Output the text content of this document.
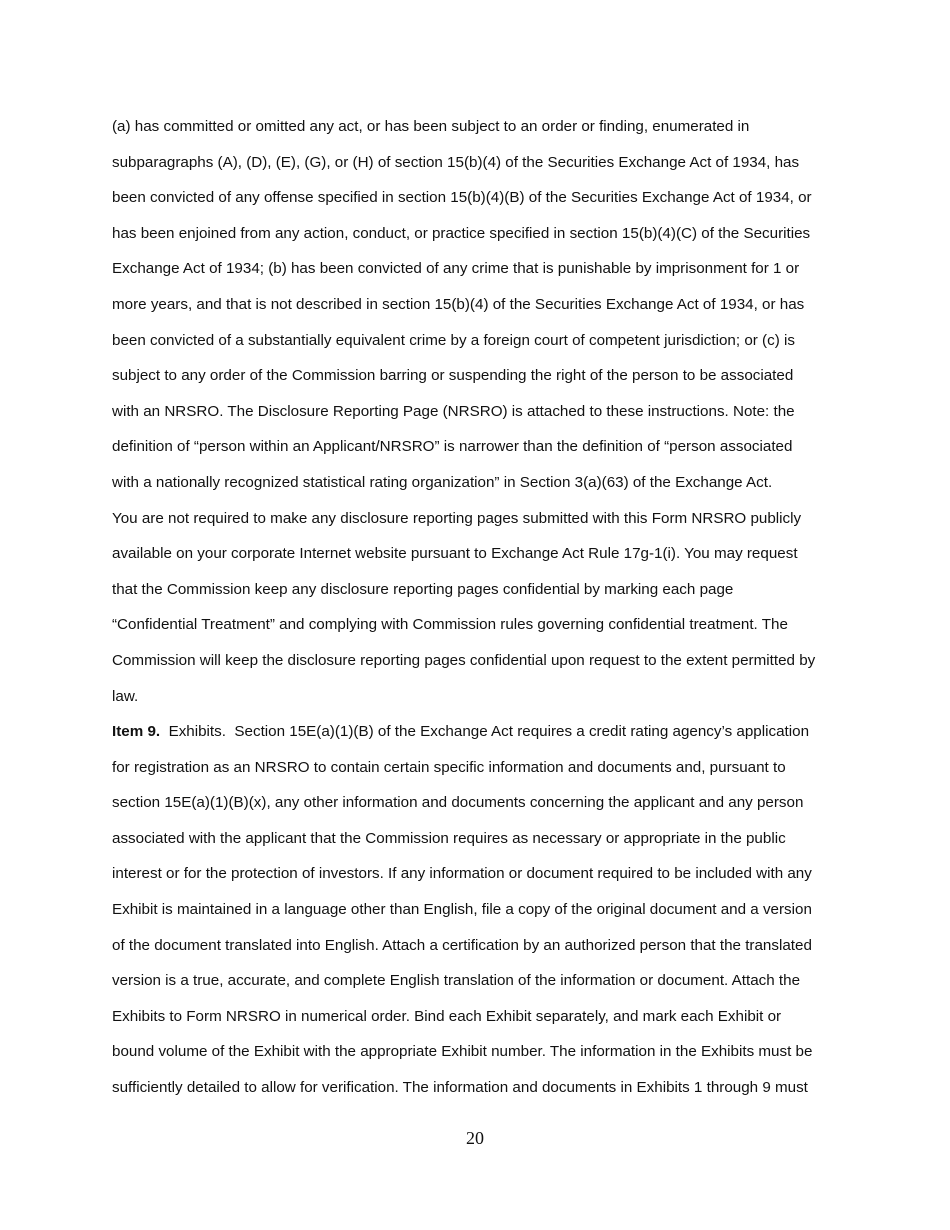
(a) has committed or omitted any act, or has been subject to an order or finding, enumerated in
subparagraphs (A), (D), (E), (G), or (H) of section 15(b)(4) of the Securities Exchange Act of 1934, has
been convicted of any offense specified in section 15(b)(4)(B) of the Securities Exchange Act of 1934, or
has been enjoined from any action, conduct, or practice specified in section 15(b)(4)(C) of the Securities
Exchange Act of 1934; (b) has been convicted of any crime that is punishable by imprisonment for 1 or
more years, and that is not described in section 15(b)(4) of the Securities Exchange Act of 1934, or has
been convicted of a substantially equivalent crime by a foreign court of competent jurisdiction; or (c) is
subject to any order of the Commission barring or suspending the right of the person to be associated
with an NRSRO. The Disclosure Reporting Page (NRSRO) is attached to these instructions. Note: the
definition of “person within an Applicant/NRSRO” is narrower than the definition of “person associated
with a nationally recognized statistical rating organization” in Section 3(a)(63) of the Exchange Act.
You are not required to make any disclosure reporting pages submitted with this Form NRSRO publicly
available on your corporate Internet website pursuant to Exchange Act Rule 17g-1(i). You may request
that the Commission keep any disclosure reporting pages confidential by marking each page
“Confidential Treatment” and complying with Commission rules governing confidential treatment. The
Commission will keep the disclosure reporting pages confidential upon request to the extent permitted by
law.
Item 9.  Exhibits.  Section 15E(a)(1)(B) of the Exchange Act requires a credit rating agency’s application
for registration as an NRSRO to contain certain specific information and documents and, pursuant to
section 15E(a)(1)(B)(x), any other information and documents concerning the applicant and any person
associated with the applicant that the Commission requires as necessary or appropriate in the public
interest or for the protection of investors. If any information or document required to be included with any
Exhibit is maintained in a language other than English, file a copy of the original document and a version
of the document translated into English. Attach a certification by an authorized person that the translated
version is a true, accurate, and complete English translation of the information or document. Attach the
Exhibits to Form NRSRO in numerical order. Bind each Exhibit separately, and mark each Exhibit or
bound volume of the Exhibit with the appropriate Exhibit number. The information in the Exhibits must be
sufficiently detailed to allow for verification. The information and documents in Exhibits 1 through 9 must
20
